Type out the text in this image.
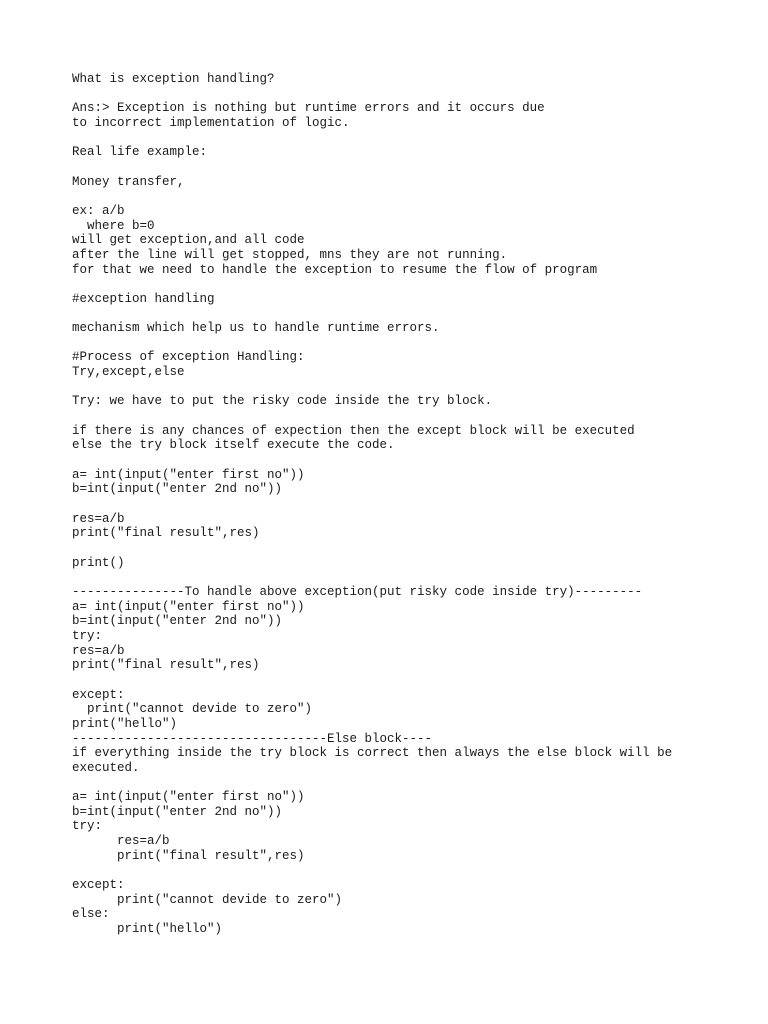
What is exception handling?
Ans:> Exception is nothing but runtime errors and it occurs due
to incorrect implementation of logic.
Real life example:
Money transfer,
ex: a/b
where b=0
will get exception,and all code
after the line will get stopped, mns they are not running.
for that we need to handle the exception to resume the flow of program
#exception handling
mechanism which help us to handle runtime errors.
#Process of exception Handling:
Try,except,else
Try: we have to put the risky code inside the try block.
if there is any chances of expection then the except block will be executed
else the try block itself execute the code.
a= int(input("enter first no"))
b=int(input("enter 2nd no"))
res=a/b
print("final result",res)
print()
---------------To handle above exception(put risky code inside try)---------
a= int(input("enter first no"))
b=int(input("enter 2nd no"))
try:
res=a/b
print("final result",res)
except:
print("cannot devide to zero")
print("hello")
----------------------------------Else block----
if everything inside the try block is correct then always the else block will be
executed.
a= int(input("enter first no"))
b=int(input("enter 2nd no"))
try:
res=a/b
print("final result",res)
except:
print("cannot devide to zero")
else:
print("hello")
